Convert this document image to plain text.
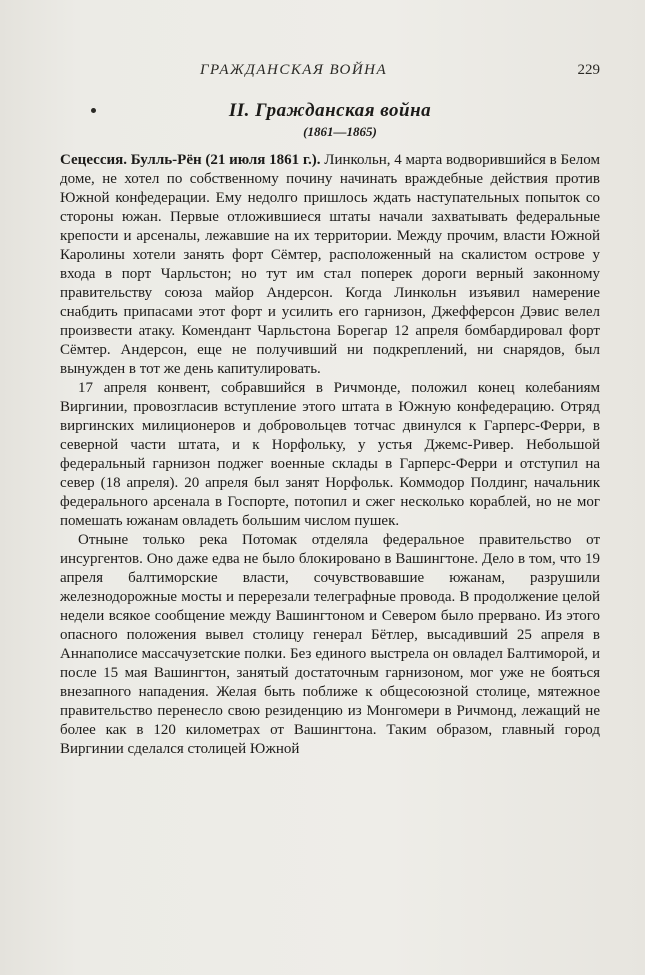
ГРАЖДАНСКАЯ ВОЙНА	229
II. Гражданская война
(1861—1865)

Сецессия. Булль-Рён (21 июля 1861 г.). Линкольн, 4 марта водворившийся в Белом доме, не хотел по собственному почину начинать враждебные действия против Южной конфедерации. Ему недолго пришлось ждать наступательных попыток со стороны южан. Первые отложившиеся штаты начали захватывать федеральные крепости и арсеналы, лежавшие на их территории. Между прочим, власти Южной Каролины хотели занять форт Сёмтер, расположенный на скалистом острове у входа в порт Чарльстон; но тут им стал поперек дороги верный законному правительству союза майор Андерсон. Когда Линкольн изъявил намерение снабдить припасами этот форт и усилить его гарнизон, Джефферсон Дэвис велел произвести атаку. Комендант Чарльстона Борегар 12 апреля бомбардировал форт Сёмтер. Андерсон, еще не получивший ни подкреплений, ни снарядов, был вынужден в тот же день капитулировать.

17 апреля конвент, собравшийся в Ричмонде, положил конец колебаниям Виргинии, провозгласив вступление этого штата в Южную конфедерацию. Отряд виргинских милиционеров и добровольцев тотчас двинулся к Гарперс-Ферри, в северной части штата, и к Норфольку, у устья Джемс-Ривер. Небольшой федеральный гарнизон поджег военные склады в Гарперс-Ферри и отступил на север (18 апреля). 20 апреля был занят Норфольк. Коммодор Полдинг, начальник федерального арсенала в Госпорте, потопил и сжег несколько кораблей, но не мог помешать южанам овладеть большим числом пушек.

Отныне только река Потомак отделяла федеральное правительство от инсургентов. Оно даже едва не было блокировано в Вашингтоне. Дело в том, что 19 апреля балтиморские власти, сочувствовавшие южанам, разрушили железнодорожные мосты и перерезали телеграфные провода. В продолжение целой недели всякое сообщение между Вашингтоном и Севером было прервано. Из этого опасного положения вывел столицу генерал Бётлер, высадивший 25 апреля в Аннаполисе массачузетские полки. Без единого выстрела он овладел Балтиморой, и после 15 мая Вашингтон, занятый достаточным гарнизоном, мог уже не бояться внезапного нападения. Желая быть поближе к общесоюзной столице, мятежное правительство перенесло свою резиденцию из Монгомери в Ричмонд, лежащий не более как в 120 километрах от Вашингтона. Таким образом, главный город Виргинии сделался столицей Южной
